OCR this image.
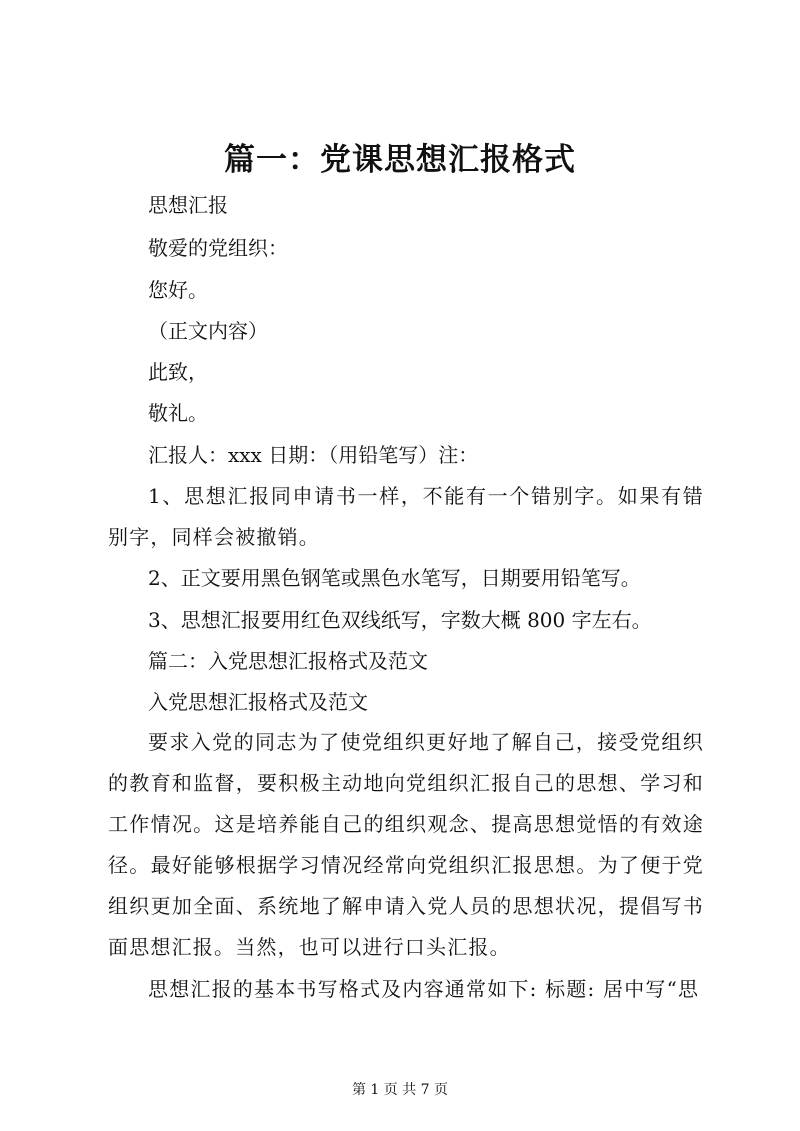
篇一：党课思想汇报格式
思想汇报
敬爱的党组织：
您好。
（正文内容）
此致，
敬礼。
汇报人：xxx 日期：（用铅笔写）注：
1、思想汇报同申请书一样，不能有一个错别字。如果有错别字，同样会被撤销。
2、正文要用黑色钢笔或黑色水笔写，日期要用铅笔写。
3、思想汇报要用红色双线纸写，字数大概 800 字左右。
篇二：入党思想汇报格式及范文
入党思想汇报格式及范文
要求入党的同志为了使党组织更好地了解自己，接受党组织的教育和监督，要积极主动地向党组织汇报自己的思想、学习和工作情况。这是培养能自己的组织观念、提高思想觉悟的有效途径。最好能够根据学习情况经常向党组织汇报思想。为了便于党组织更加全面、系统地了解申请入党人员的思想状况，提倡写书面思想汇报。当然，也可以进行口头汇报。
思想汇报的基本书写格式及内容通常如下: 标题: 居中写“思
第 1 页 共 7 页
